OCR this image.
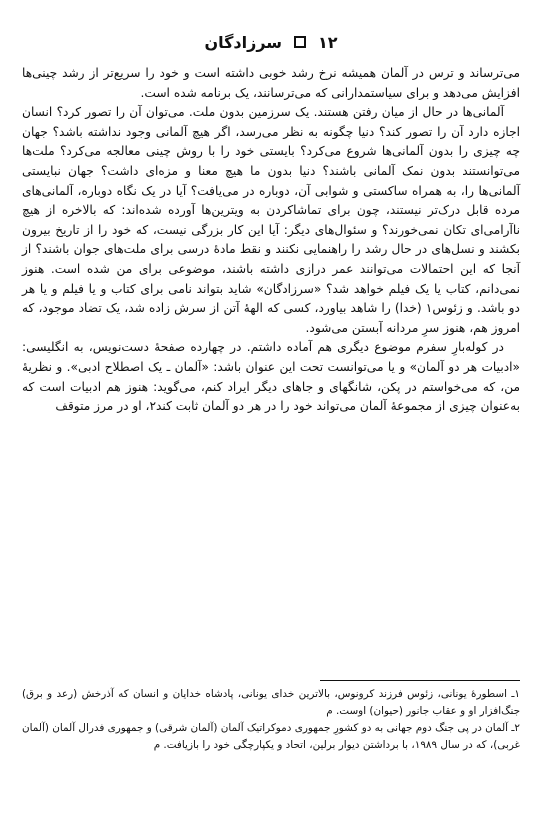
۱۲
سرزادگان

می‌ترساند و ترس در آلمان همیشه نرخ رشد خوبی داشته است و خود را سریع‌تر از رشد چینی‌ها افزایش می‌دهد و برای سیاستمدارانی که می‌ترسانند، یک برنامه شده است.

آلمانی‌ها در حال از میان رفتن هستند. یک سرزمین بدون ملت. می‌توان آن را تصور کرد؟ انسان اجازه دارد آن را تصور کند؟ دنیا چگونه به نظر می‌رسد، اگر هیچ آلمانی وجود نداشته باشد؟ جهان چه چیزی را بدون آلمانی‌ها شروع می‌کرد؟ بایستی خود را با روش چینی معالجه می‌کرد؟ ملت‌ها می‌توانستند بدون نمک آلمانی باشند؟ دنیا بدون ما هیچ معنا و مزه‌ای داشت؟ جهان نبایستی آلمانی‌ها را، به همراه ساکستی و شوابی آن، دوباره در می‌یافت؟ آیا در یک نگاه دوباره، آلمانی‌های مرده قابل درک‌تر نیستند، چون برای تماشاکردن به ویترین‌ها آورده شده‌اند: که بالاخره از هیچ ناآرامی‌ای تکان نمی‌خورند؟ و سئوال‌های دیگر: آیا این کار بزرگی نیست، که خود را از تاریخ بیرون بکشند و نسل‌های در حال رشد را راهنمایی نکنند و نقط مادهٔ درسی برای ملت‌های جوان باشند؟ از آنجا که این احتمالات می‌توانند عمر درازی داشته باشند، موضوعی برای من شده است. هنوز نمی‌دانم، کتاب یا یک فیلم خواهد شد؟ «سرزادگان» شاید بتواند نامی برای کتاب و یا فیلم و یا هر دو باشد. و زئوس۱ (خدا) را شاهد بیاورد، کسی که الههٔ آتن از سرش زاده شد، یک تضاد موجود، که امروز هم، هنوز سرِ مردانه آبستن می‌شود.

در کوله‌بارِ سفرم موضوع دیگری هم آماده داشتم. در چهارده صفحهٔ دست‌نویس، به انگلیسی: «ادبیات هر دو آلمان» و یا می‌توانست تحت این عنوان باشد: «آلمان ـ یک اصطلاح ادبی». و نظریهٔ من، که می‌خواستم در پکن، شانگهای و جاهای دیگر ایراد کنم، می‌گوید: هنوز هم ادبیات است که به‌عنوان چیزی از مجموعهٔ آلمان می‌تواند خود را در هر دو آلمان ثابت کند۲، او در مرز متوقف

۱ـ اسطورهٔ یونانی، زئوس فرزند کرونوس، بالاترین خدای یونانی، پادشاه خدایان و انسان که آذرخش (رعد و برق) جنگ‌افزار او و عقاب جانور (حیوان) اوست. م

۲ـ آلمان در پی جنگ دوم جهانی به دو کشورِ جمهوری دموکراتیک آلمان (آلمان شرقی) و جمهوری فدرال آلمان (آلمان غربی)، که در سال ۱۹۸۹، با برداشتن دیوار برلین، اتحاد و یکپارچگی خود را بازیافت. م
